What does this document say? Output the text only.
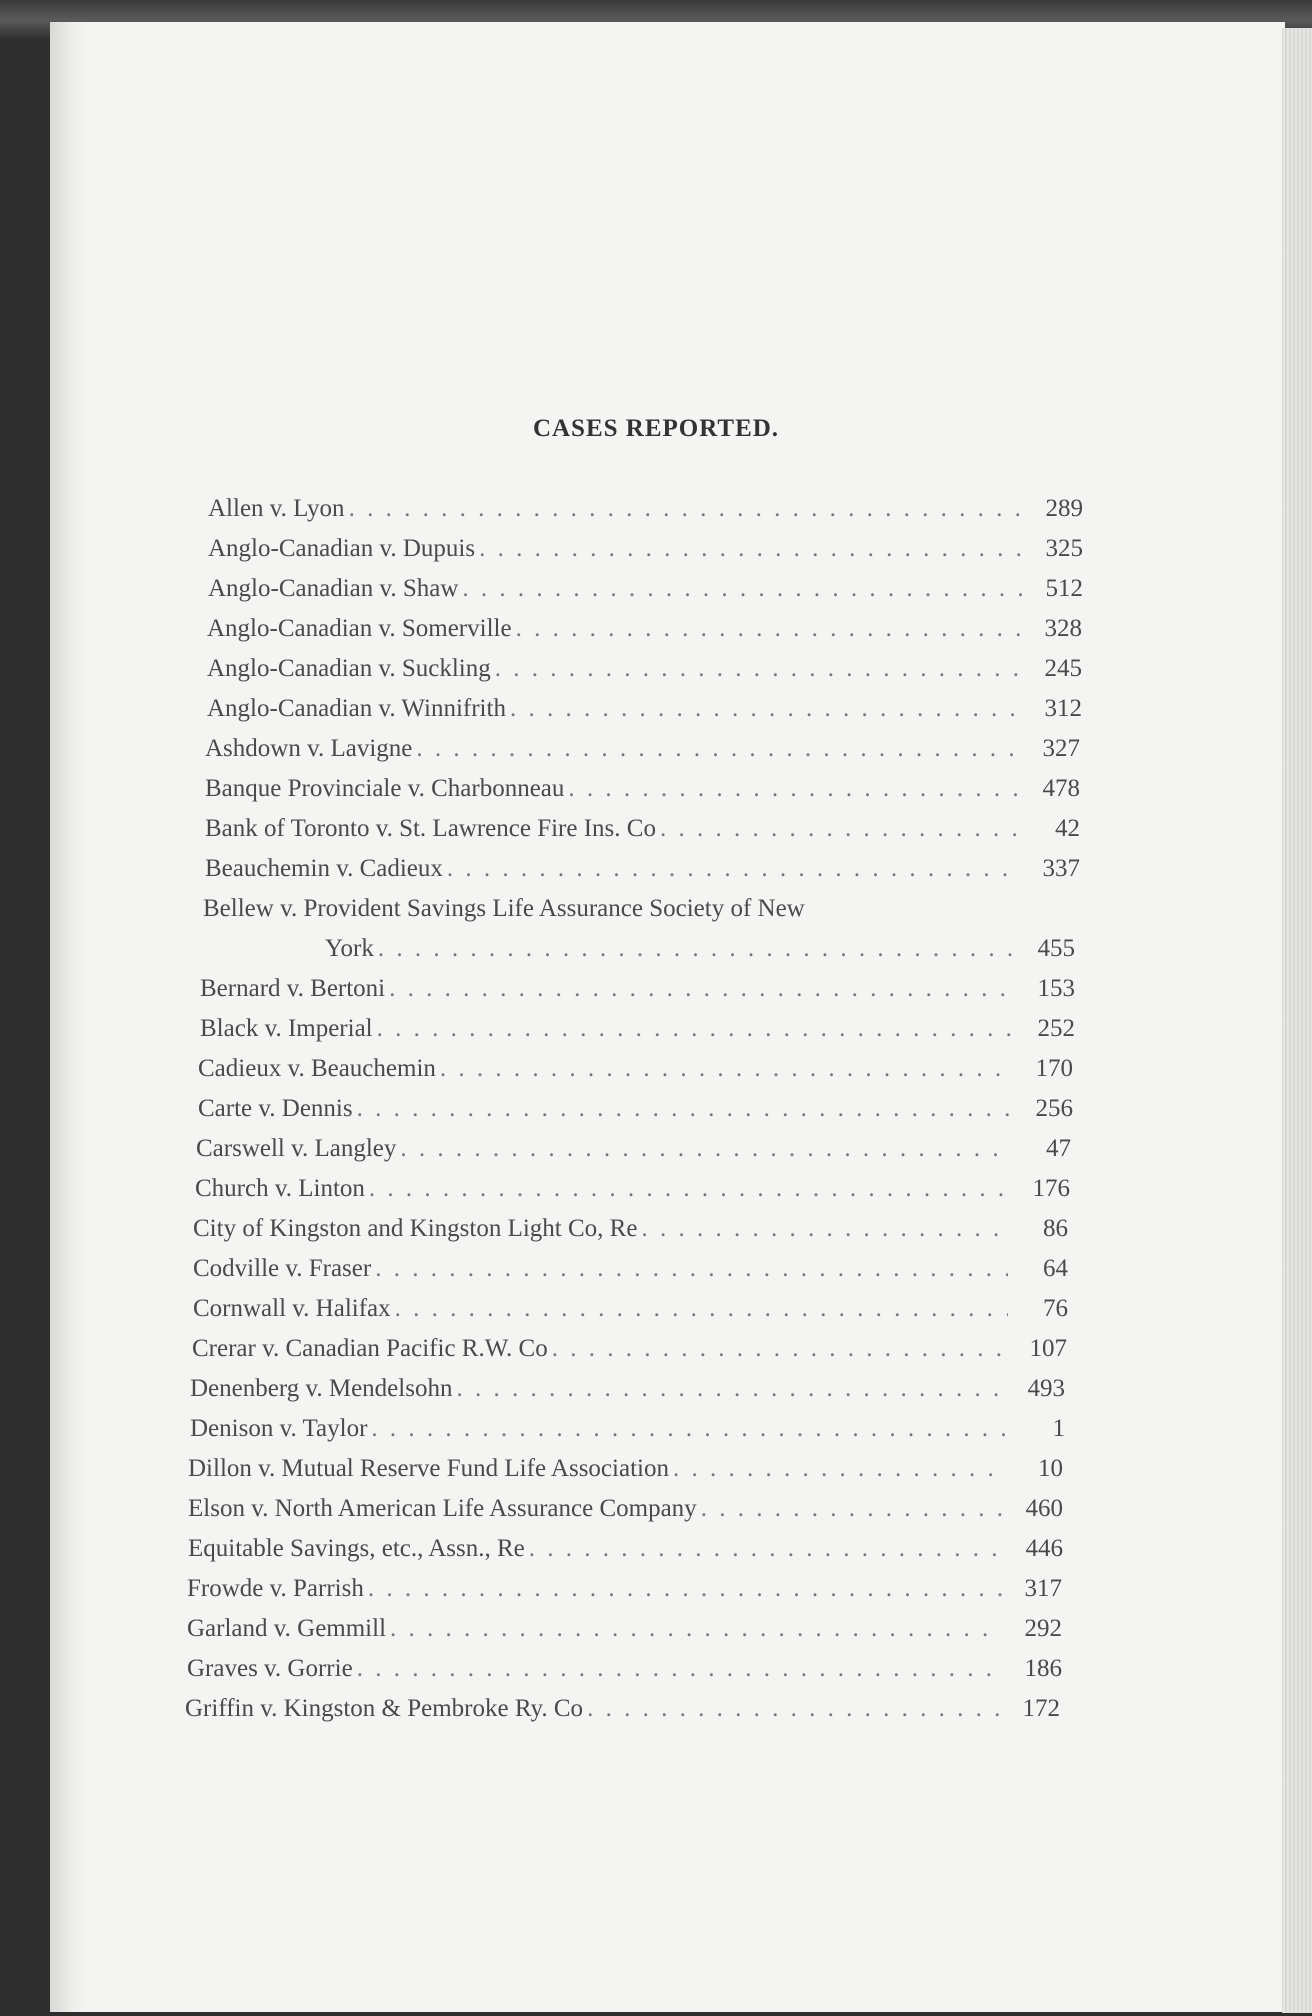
CASES REPORTED.
Allen v. Lyon . . .	289
Anglo-Canadian v. Dupuis . . .	325
Anglo-Canadian v. Shaw . . .	512
Anglo-Canadian v. Somerville . . .	328
Anglo-Canadian v. Suckling . . .	245
Anglo-Canadian v. Winnifrith . . .	312
Ashdown v. Lavigne . . .	327
Banque Provinciale v. Charbonneau . . .	478
Bank of Toronto v. St. Lawrence Fire Ins. Co . . .	42
Beauchemin v. Cadieux . . .	337
Bellew v. Provident Savings Life Assurance Society of New
York . . .	455
Bernard v. Bertoni . . .	153
Black v. Imperial . . .	252
Cadieux v. Beauchemin . . .	170
Carte v. Dennis . . .	256
Carswell v. Langley . . .	47
Church v. Linton . . .	176
City of Kingston and Kingston Light Co, Re . . .	86
Codville v. Fraser . . .	64
Cornwall v. Halifax . . .	76
Crerar v. Canadian Pacific R.W. Co . . .	107
Denenberg v. Mendelsohn . . .	493
Denison v. Taylor . . .	1
Dillon v. Mutual Reserve Fund Life Association . . .	10
Elson v. North American Life Assurance Company . . .	460
Equitable Savings, etc., Assn., Re . . .	446
Frowde v. Parrish . . .	317
Garland v. Gemmill . . .	292
Graves v. Gorrie . . .	186
Griffin v. Kingston & Pembroke Ry. Co . . .	172
